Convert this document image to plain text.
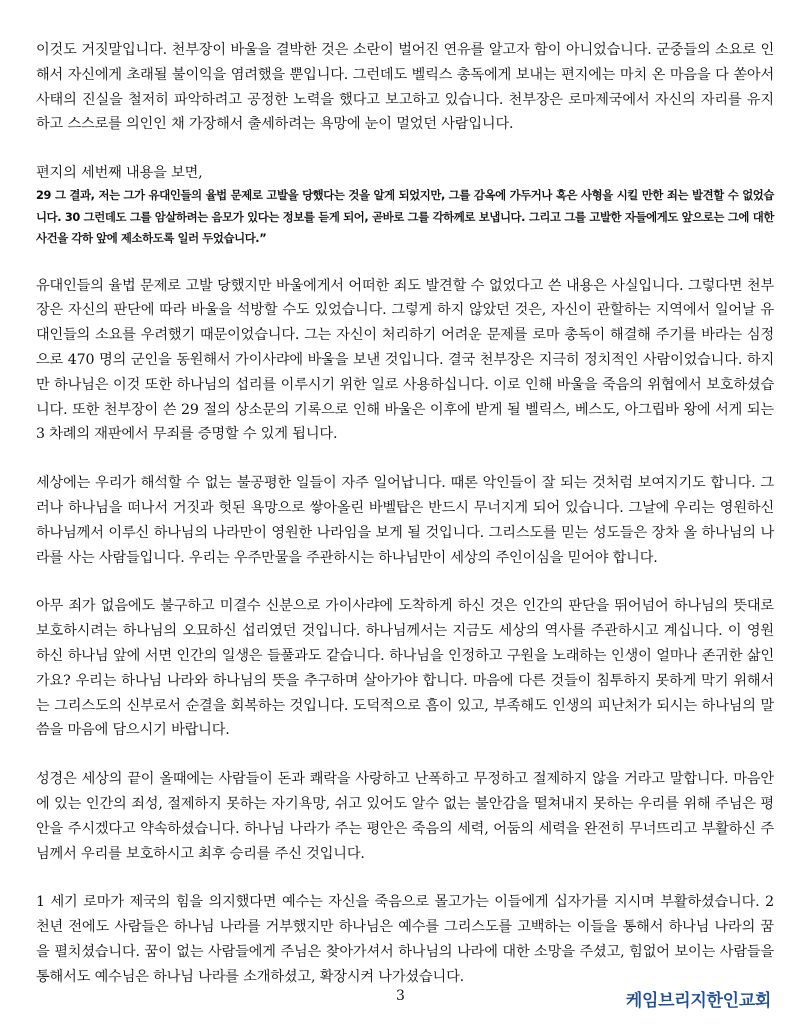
이것도 거짓말입니다. 천부장이 바울을 결박한 것은 소란이 벌어진 연유를 알고자 함이 아니었습니다. 군중들의 소요로 인해서 자신에게 초래될 불이익을 염려했을 뿐입니다. 그런데도 벨릭스 총독에게 보내는 편지에는 마치 온 마음을 다 쏟아서 사태의 진실을 철저히 파악하려고 공정한 노력을 했다고 보고하고 있습니다. 천부장은 로마제국에서 자신의 자리를 유지하고 스스로를 의인인 채 가장해서 출세하려는 욕망에 눈이 멀었던 사람입니다.

편지의 세번째 내용을 보면,

29 그 결과, 저는 그가 유대인들의 율법 문제로 고발을 당했다는 것을 알게 되었지만, 그를 감옥에 가두거나 혹은 사형을 시킬 만한 죄는 발견할 수 없었습니다. 30 그런데도 그를 암살하려는 음모가 있다는 정보를 듣게 되어, 곧바로 그를 각하께로 보냅니다. 그리고 그를 고발한 자들에게도 앞으로는 그에 대한 사건을 각하 앞에 제소하도록 일러 두었습니다.”

유대인들의 율법 문제로 고발 당했지만 바울에게서 어떠한 죄도 발견할 수 없었다고 쓴 내용은 사실입니다. 그렇다면 천부장은 자신의 판단에 따라 바울을 석방할 수도 있었습니다. 그렇게 하지 않았던 것은, 자신이 관할하는 지역에서 일어날 유대인들의 소요를 우려했기 때문이었습니다. 그는 자신이 처리하기 어려운 문제를 로마 총독이 해결해 주기를 바라는 심정으로 470 명의 군인을 동원해서 가이사랴에 바울을 보낸 것입니다. 결국 천부장은 지극히 정치적인 사람이었습니다. 하지만 하나님은 이것 또한 하나님의 섭리를 이루시기 위한 일로 사용하십니다. 이로 인해 바울을 죽음의 위협에서 보호하셨습니다. 또한 천부장이 쓴 29 절의 상소문의 기록으로 인해 바울은 이후에 받게 될 벨릭스, 베스도, 아그립바 왕에 서게 되는 3 차례의 재판에서 무죄를 증명할 수 있게 됩니다.

세상에는 우리가 해석할 수 없는 불공평한 일들이 자주 일어납니다. 때론 악인들이 잘 되는 것처럼 보여지기도 합니다. 그러나 하나님을 떠나서 거짓과 헛된 욕망으로 쌓아올린 바벨탑은 반드시 무너지게 되어 있습니다. 그날에 우리는 영원하신 하나님께서 이루신 하나님의 나라만이 영원한 나라임을 보게 될 것입니다. 그리스도를 믿는 성도들은 장차 올 하나님의 나라를 사는 사람들입니다. 우리는 우주만물을 주관하시는 하나님만이 세상의 주인이심을 믿어야 합니다.

아무 죄가 없음에도 불구하고 미결수 신분으로 가이사랴에 도착하게 하신 것은 인간의 판단을 뛰어넘어 하나님의 뜻대로 보호하시려는 하나님의 오묘하신 섭리였던 것입니다. 하나님께서는 지금도 세상의 역사를 주관하시고 계십니다. 이 영원하신 하나님 앞에 서면 인간의 일생은 들풀과도 같습니다. 하나님을 인정하고 구원을 노래하는 인생이 얼마나 존귀한 삶인가요? 우리는 하나님 나라와 하나님의 뜻을 추구하며 살아가야 합니다. 마음에 다른 것들이 침투하지 못하게 막기 위해서는 그리스도의 신부로서 순결을 회복하는 것입니다. 도덕적으로 흠이 있고, 부족해도 인생의 피난처가 되시는 하나님의 말씀을 마음에 담으시기 바랍니다.

성경은 세상의 끝이 올때에는 사람들이 돈과 쾌락을 사랑하고 난폭하고 무정하고 절제하지 않을 거라고 말합니다. 마음안에 있는 인간의 죄성, 절제하지 못하는 자기욕망, 쉬고 있어도 알수 없는 불안감을 떨쳐내지 못하는 우리를 위해 주님은 평안을 주시겠다고 약속하셨습니다. 하나님 나라가 주는 평안은 죽음의 세력, 어둠의 세력을 완전히 무너뜨리고 부활하신 주님께서 우리를 보호하시고 최후 승리를 주신 것입니다.

1 세기 로마가 제국의 힘을 의지했다면 예수는 자신을 죽음으로 몰고가는 이들에게 십자가를 지시며 부활하셨습니다. 2 천년 전에도 사람들은 하나님 나라를 거부했지만 하나님은 예수를 그리스도를 고백하는 이들을 통해서 하나님 나라의 꿈을 펼치셨습니다. 꿈이 없는 사람들에게 주님은 찾아가셔서 하나님의 나라에 대한 소망을 주셨고, 힘없어 보이는 사람들을 통해서도 예수님은 하나님 나라를 소개하셨고, 확장시켜 나가셨습니다.

3	케임브리지한인교회
